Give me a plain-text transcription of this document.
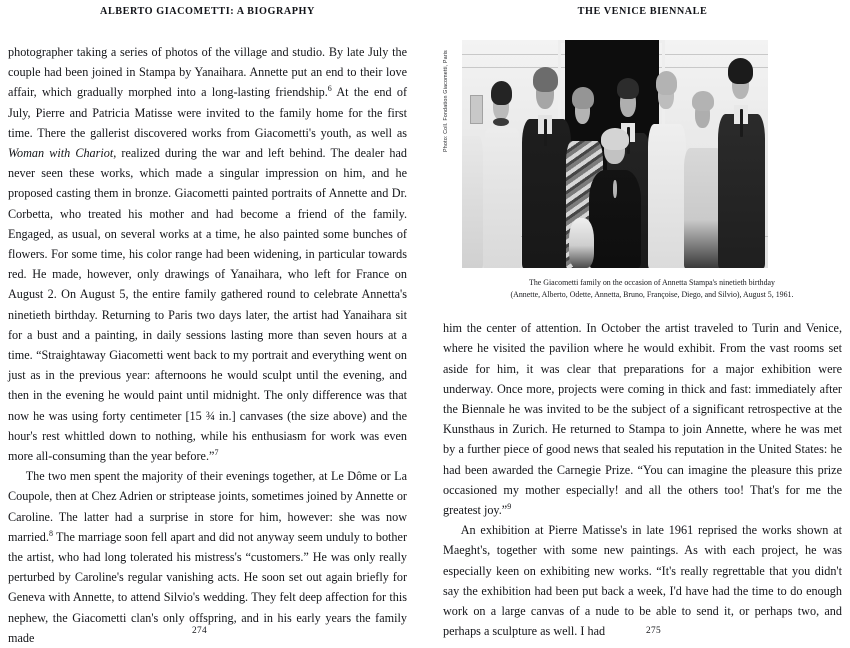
ALBERTO GIACOMETTI: A BIOGRAPHY

photographer taking a series of photos of the village and studio. By late July the couple had been joined in Stampa by Yanaihara. Annette put an end to their love affair, which gradually morphed into a long-lasting friendship.$^6$ At the end of July, Pierre and Patricia Matisse were invited to the family home for the first time. There the gallerist discovered works from Giacometti's youth, as well as Woman with Chariot, realized during the war and left behind. The dealer had never seen these works, which made a singular impression on him, and he proposed casting them in bronze. Giacometti painted portraits of Annette and Dr. Corbetta, who treated his mother and had become a friend of the family. Engaged, as usual, on several works at a time, he also painted some bunches of flowers. For some time, his color range had been widening, in particular towards red. He made, however, only drawings of Yanaihara, who left for France on August 2. On August 5, the entire family gathered round to celebrate Annetta's ninetieth birthday. Returning to Paris two days later, the artist had Yanaihara sit for a bust and a painting, in daily sessions lasting more than seven hours at a time. “Straightaway Giacometti went back to my portrait and everything went on just as in the previous year: afternoons he would sculpt until the evening, and then in the evening he would paint until midnight. The only difference was that now he was using forty centimeter [15 ¾ in.] canvases (the size above) and the hour's rest whittled down to nothing, while his enthusiasm for work was even more all-consuming than the year before.”$^7$

The two men spent the majority of their evenings together, at Le Dôme or La Coupole, then at Chez Adrien or striptease joints, sometimes joined by Annette or Caroline. The latter had a surprise in store for him, however: she was now married.$^8$ The marriage soon fell apart and did not anyway seem unduly to bother the artist, who had long tolerated his mistress's “customers.” He was only really perturbed by Caroline's regular vanishing acts. He soon set out again briefly for Geneva with Annette, to attend Silvio's wedding. They felt deep affection for this nephew, the Giacometti clan's only offspring, and in his early years the family made	274
THE VENICE BIENNALE
Photo: Coll. Fondation Giacometti, Paris
The Giacometti family on the occasion of Annetta Stampa's ninetieth birthday
(Annette, Alberto, Odette, Annetta, Bruno, Françoise, Diego, and Silvio), August 5, 1961.

him the center of attention. In October the artist traveled to Turin and Venice, where he visited the pavilion where he would exhibit. From the vast rooms set aside for him, it was clear that preparations for a major exhibition were underway. Once more, projects were coming in thick and fast: immediately after the Biennale he was invited to be the subject of a significant retrospective at the Kunsthaus in Zurich. He returned to Stampa to join Annette, where he was met by a further piece of good news that sealed his reputation in the United States: he had been awarded the Carnegie Prize. “You can imagine the pleasure this prize occasioned my mother especially! and all the others too! That's for me the greatest joy.”$^9$

An exhibition at Pierre Matisse's in late 1961 reprised the works shown at Maeght's, together with some new paintings. As with each project, he was especially keen on exhibiting new works. “It's really regrettable that you didn't say the exhibition had been put back a week, I'd have had the time to do enough work on a large canvas of a nude to be able to send it, or perhaps two, and perhaps a sculpture as well. I had	275
